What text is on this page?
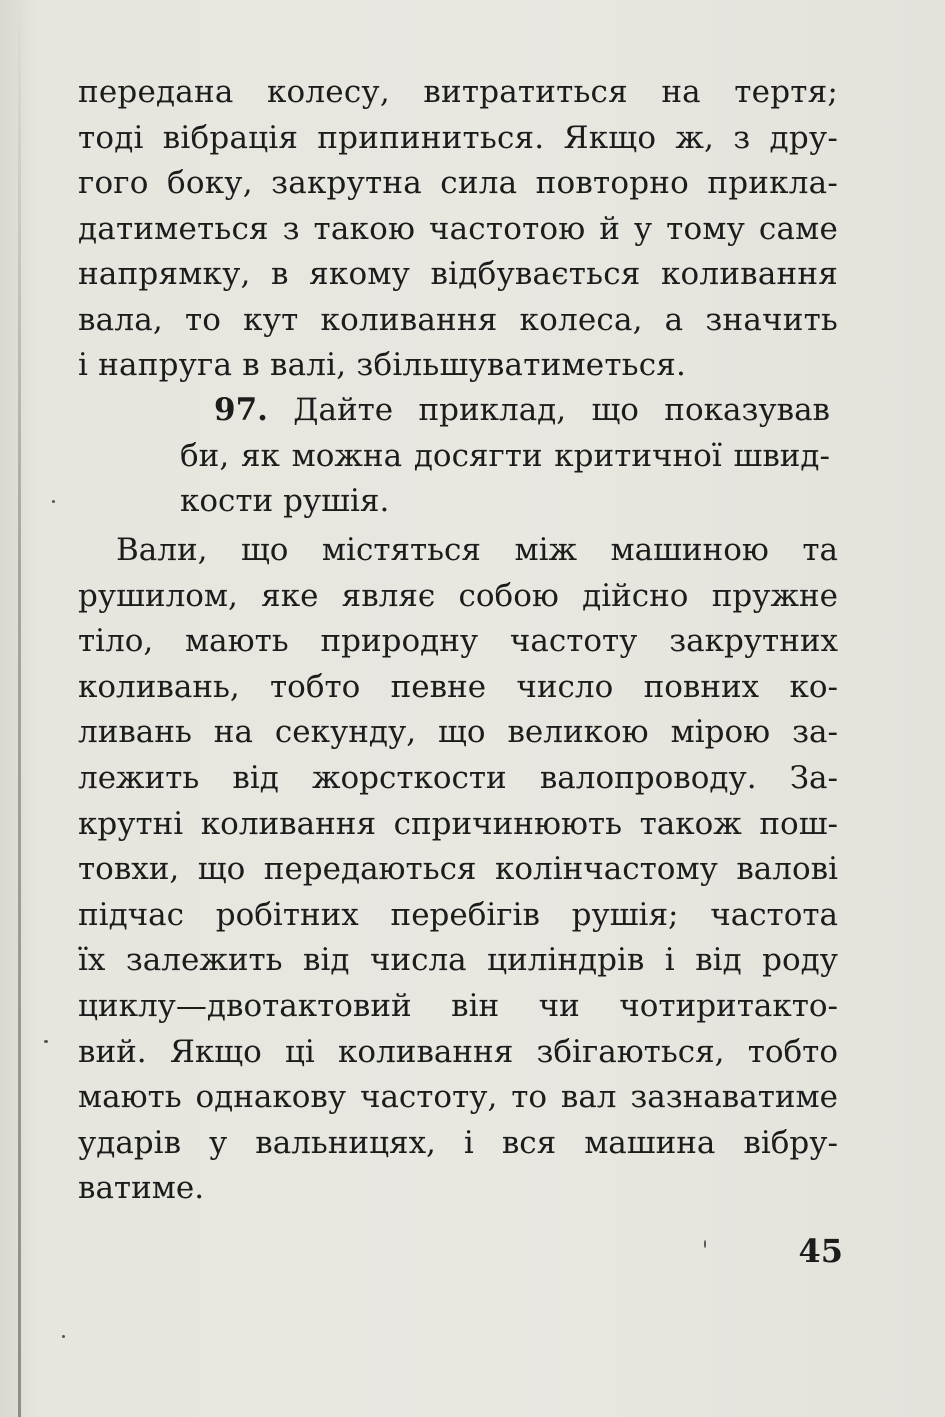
передана колесу, витратиться на тертя;
тоді вібрація припиниться. Якщо ж, з дру-
гого боку, закрутна сила повторно прикла-
датиметься з такою частотою й у тому саме
напрямку, в якому відбувається коливання
вала, то кут коливання колеса, а значить
і напруга в валі, збільшуватиметься.
97. Дайте приклад, що показував
би, як можна досягти критичної швид-
кости рушія.
Вали, що містяться між машиною та
рушилом, яке являє собою дійсно пружне
тіло, мають природну частоту закрутних
коливань, тобто певне число повних ко-
ливань на секунду, що великою мірою за-
лежить від жорсткости валопроводу. За-
крутні коливання спричинюють також пош-
товхи, що передаються колінчастому валові
підчас робітних перебігів рушія; частота
їх залежить від числа циліндрів і від роду
циклу—двотактовий він чи чотиритакто-
вий. Якщо ці коливання збігаються, тобто
мають однакову частоту, то вал зазнаватиме
ударів у вальницях, і вся машина вібру-
ватиме.
45
